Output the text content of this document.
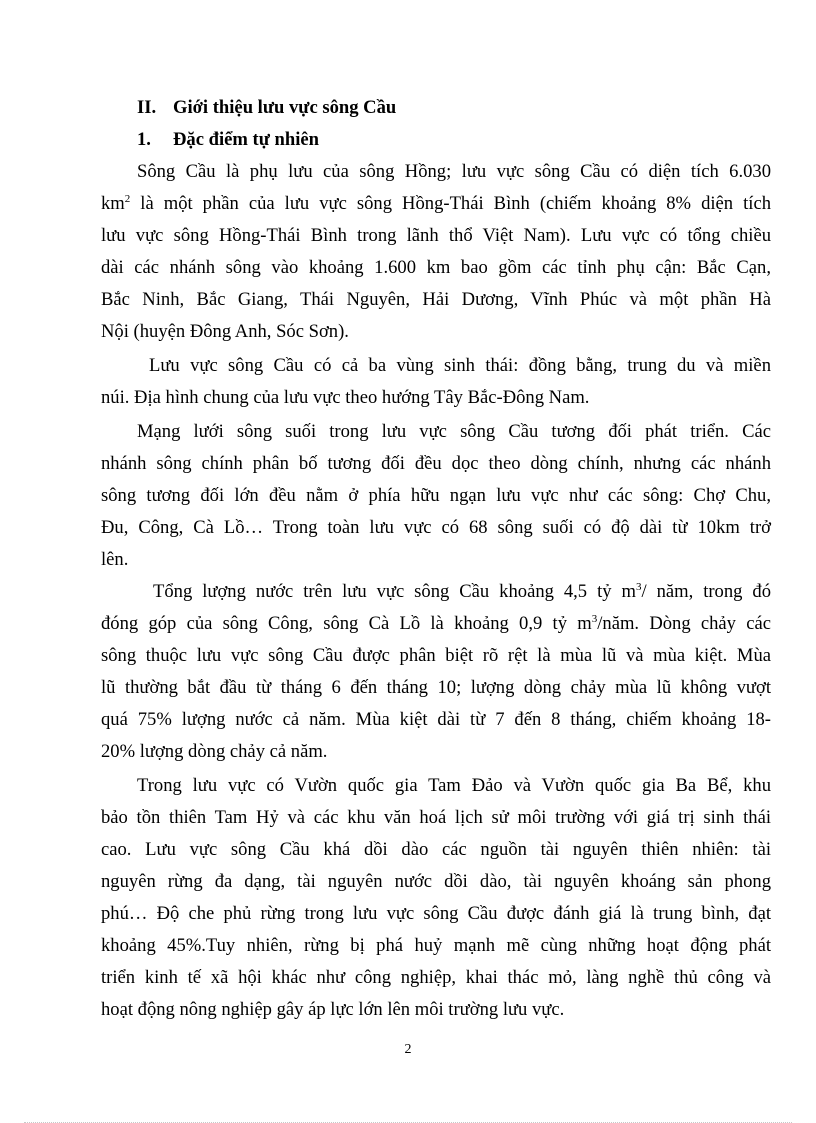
II. Giới thiệu lưu vực sông Cầu
1. Đặc điểm tự nhiên
Sông Cầu là phụ lưu của sông Hồng; lưu vực sông Cầu có diện tích 6.030
$km^2$ là một phần của lưu vực sông Hồng-Thái Bình (chiếm khoảng 8% diện tích
lưu vực sông Hồng-Thái Bình trong lãnh thổ Việt Nam). Lưu vực có tổng chiều
dài các nhánh sông vào khoảng 1.600 km bao gồm các tỉnh phụ cận: Bắc Cạn,
Bắc Ninh, Bắc Giang, Thái Nguyên, Hải Dương, Vĩnh Phúc và một phần Hà
Nội (huyện Đông Anh, Sóc Sơn).
Lưu vực sông Cầu có cả ba vùng sinh thái: đồng bằng, trung du và miền
núi. Địa hình chung của lưu vực theo hướng Tây Bắc-Đông Nam.
Mạng lưới sông suối trong lưu vực sông Cầu tương đối phát triển. Các
nhánh sông chính phân bố tương đối đều dọc theo dòng chính, nhưng các nhánh
sông tương đối lớn đều nằm ở phía hữu ngạn lưu vực như các sông: Chợ Chu,
Đu, Công, Cà Lồ… Trong toàn lưu vực có 68 sông suối có độ dài từ 10km trở
lên.
Tổng lượng nước trên lưu vực sông Cầu khoảng 4,5 tỷ $m^3/$ năm, trong đó
đóng góp của sông Công, sông Cà Lồ là khoảng 0,9 tỷ $m^3$/năm. Dòng chảy các
sông thuộc lưu vực sông Cầu được phân biệt rõ rệt là mùa lũ và mùa kiệt. Mùa
lũ thường bắt đầu từ tháng 6 đến tháng 10; lượng dòng chảy mùa lũ không vượt
quá 75% lượng nước cả năm. Mùa kiệt dài từ 7 đến 8 tháng, chiếm khoảng 18-
20% lượng dòng chảy cả năm.
Trong lưu vực có Vườn quốc gia Tam Đảo và Vườn quốc gia Ba Bể, khu
bảo tồn thiên Tam Hỷ và các khu văn hoá lịch sử môi trường với giá trị sinh thái
cao. Lưu vực sông Cầu khá dồi dào các nguồn tài nguyên thiên nhiên: tài
nguyên rừng đa dạng, tài nguyên nước dồi dào, tài nguyên khoáng sản phong
phú… Độ che phủ rừng trong lưu vực sông Cầu được đánh giá là trung bình, đạt
khoảng 45%.Tuy nhiên, rừng bị phá huỷ mạnh mẽ cùng những hoạt động phát
triển kinh tế xã hội khác như công nghiệp, khai thác mỏ, làng nghề thủ công và
hoạt động nông nghiệp gây áp lực lớn lên môi trường lưu vực.
2
